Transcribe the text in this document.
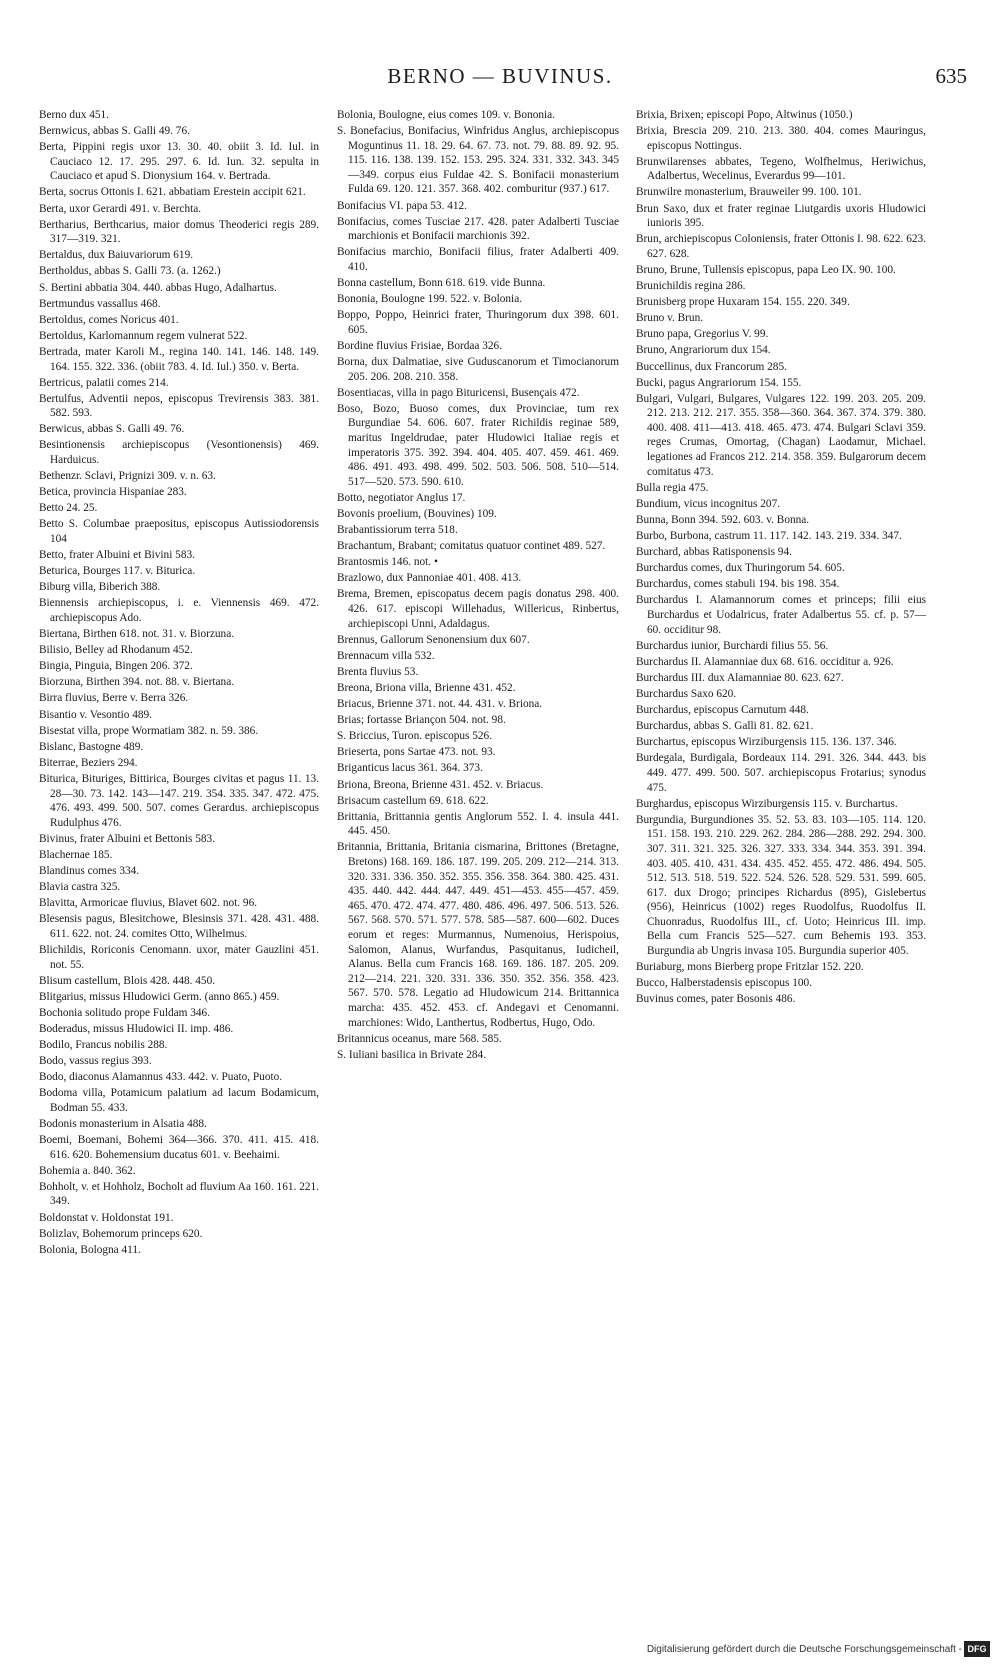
BERNO — BUVINUS.	635

Berno dux 451.

Bernwicus, abbas S. Galli 49. 76.

Berta, Pippini regis uxor 13. 30. 40. obiit 3. Id. Iul. in Cauciaco 12. 17. 295. 297. 6. Id. Iun. 32. sepulta in Cauciaco et apud S. Dionysium 164. v. Bertrada.

Berta, socrus Ottonis I. 621. abbatiam Erestein accipit 621.

Berta, uxor Gerardi 491. v. Berchta.

Bertharius, Berthcarius, maior domus Theoderici regis 289. 317—319. 321.

Bertaldus, dux Baiuvariorum 619.

Bertholdus, abbas S. Galli 73. (a. 1262.)

S. Bertini abbatia 304. 440. abbas Hugo, Adalhartus.

Bertmundus vassallus 468.

Bertoldus, comes Noricus 401.

Bertoldus, Karlomannum regem vulnerat 522.

Bertrada, mater Karoli M., regina 140. 141. 146. 148. 149. 164. 155. 322. 336. (obiit 783. 4. Id. Iul.) 350. v. Berta.

Bertricus, palatii comes 214.

Bertulfus, Adventii nepos, episcopus Trevirensis 383. 381. 582. 593.

Berwicus, abbas S. Galli 49. 76.

Besintionensis archiepiscopus (Vesontionensis) 469. Harduicus.

Bethenzr. Sclavi, Prignizi 309. v. n. 63.

Betica, provincia Hispaniae 283.

Betto 24. 25.

Betto S. Columbae praepositus, episcopus Autissiodorensis 104

Betto, frater Albuini et Bivini 583.

Beturica, Bourges 117. v. Biturica.

Biburg villa, Biberich 388.

Biennensis archiepiscopus, i. e. Viennensis 469. 472. archiepiscopus Ado.

Biertana, Birthen 618. not. 31. v. Biorzuna.

Bilisio, Belley ad Rhodanum 452.

Bingia, Pinguia, Bingen 206. 372.

Biorzuna, Birthen 394. not. 88. v. Biertana.

Birra fluvius, Berre v. Berra 326.

Bisantio v. Vesontio 489.

Bisestat villa, prope Wormatiam 382. n. 59. 386.

Bislanc, Bastogne 489.

Biterrae, Beziers 294.

Biturica, Bituriges, Bittirica, Bourges civitas et pagus 11. 13. 28—30. 73. 142. 143—147. 219. 354. 335. 347. 472. 475. 476. 493. 499. 500. 507. comes Gerardus. archiepiscopus Rudulphus 476.

Bivinus, frater Albuini et Bettonis 583.

Blachernae 185.

Blandinus comes 334.

Blavia castra 325.

Blavitta, Armoricae fluvius, Blavet 602. not. 96.

Blesensis pagus, Blesitchowe, Blesinsis 371. 428. 431. 488. 611. 622. not. 24. comites Otto, Wilhelmus.

Blichildis, Roriconis Cenomann. uxor, mater Gauzlini 451. not. 55.

Blisum castellum, Blois 428. 448. 450.

Blitgarius, missus Hludowici Germ. (anno 865.) 459.

Bochonia solitudo prope Fuldam 346.

Boderadus, missus Hludowici II. imp. 486.

Bodilo, Francus nobilis 288.

Bodo, vassus regius 393.

Bodo, diaconus Alamannus 433. 442. v. Puato, Puoto.

Bodoma villa, Potamicum palatium ad lacum Bodamicum, Bodman 55. 433.

Bodonis monasterium in Alsatia 488.

Boemi, Boemani, Bohemi 364—366. 370. 411. 415. 418. 616. 620. Bohemensium ducatus 601. v. Beehaimi.

Bohemia a. 840. 362.

Bohholt, v. et Hohholz, Bocholt ad fluvium Aa 160. 161. 221. 349.

Boldonstat v. Holdonstat 191.

Bolizlav, Bohemorum princeps 620.

Bolonia, Bologna 411.

Bolonia, Boulogne, eius comes 109. v. Bononia.

S. Bonefacius, Bonifacius, Winfridus Anglus, archiepiscopus Moguntinus 11. 18. 29. 64. 67. 73. not. 79. 88. 89. 92. 95. 115. 116. 138. 139. 152. 153. 295. 324. 331. 332. 343. 345—349. corpus eius Fuldae 42. S. Bonifacii monasterium Fulda 69. 120. 121. 357. 368. 402. comburitur (937.) 617.

Bonifacius VI. papa 53. 412.

Bonifacius, comes Tusciae 217. 428. pater Adalberti Tusciae marchionis et Bonifacii marchionis 392.

Bonifacius marchio, Bonifacii filius, frater Adalberti 409. 410.

Bonna castellum, Bonn 618. 619. vide Bunna.

Bononia, Boulogne 199. 522. v. Bolonia.

Boppo, Poppo, Heinrici frater, Thuringorum dux 398. 601. 605.

Bordine fluvius Frisiae, Bordaa 326.

Borna, dux Dalmatiae, sive Guduscanorum et Timocianorum 205. 206. 208. 210. 358.

Bosentiacas, villa in pago Bituricensi, Busençais 472.

Boso, Bozo, Buoso comes, dux Provinciae, tum rex Burgundiae 54. 606. 607. frater Richildis reginae 589, maritus Ingeldrudae, pater Hludowici Italiae regis et imperatoris 375. 392. 394. 404. 405. 407. 459. 461. 469. 486. 491. 493. 498. 499. 502. 503. 506. 508. 510—514. 517—520. 573. 590. 610.

Botto, negotiator Anglus 17.

Bovonis proelium, (Bouvines) 109.

Brabantissiorum terra 518.

Brachantum, Brabant; comitatus quatuor continet 489. 527.

Brantosmis 146. not. •

Brazlowo, dux Pannoniae 401. 408. 413.

Brema, Bremen, episcopatus decem pagis donatus 298. 400. 426. 617. episcopi Willehadus, Willericus, Rinbertus, archiepiscopi Unni, Adaldagus.

Brennus, Gallorum Senonensium dux 607.

Brennacum villa 532.

Brenta fluvius 53.

Breona, Briona villa, Brienne 431. 452.

Briacus, Brienne 371. not. 44. 431. v. Briona.

Brias; fortasse Briançon 504. not. 98.

S. Briccius, Turon. episcopus 526.

Brieserta, pons Sartae 473. not. 93.

Briganticus lacus 361. 364. 373.

Briona, Breona, Brienne 431. 452. v. Briacus.

Brisacum castellum 69. 618. 622.

Brittania, Brittannia gentis Anglorum 552. I. 4. insula 441. 445. 450.

Britannia, Brittania, Britania cismarina, Brittones (Bretagne, Bretons) 168. 169. 186. 187. 199. 205. 209. 212—214. 313. 320. 331. 336. 350. 352. 355. 356. 358. 364. 380. 425. 431. 435. 440. 442. 444. 447. 449. 451—453. 455—457. 459. 465. 470. 472. 474. 477. 480. 486. 496. 497. 506. 513. 526. 567. 568. 570. 571. 577. 578. 585—587. 600—602. Duces eorum et reges: Murmannus, Numenoius, Herispoius, Salomon, Alanus, Wurfandus, Pasquitanus, Iudicheil, Alanus. Bella cum Francis 168. 169. 186. 187. 205. 209. 212—214. 221. 320. 331. 336. 350. 352. 356. 358. 423. 567. 570. 578. Legatio ad Hludowicum 214. Brittannica marcha: 435. 452. 453. cf. Andegavi et Cenomanni. marchiones: Wido, Lanthertus, Rodbertus, Hugo, Odo.

Britannicus oceanus, mare 568. 585.

S. Iuliani basilica in Brivate 284.

Brixia, Brixen; episcopi Popo, Altwinus (1050.)

Brixia, Brescia 209. 210. 213. 380. 404. comes Mauringus, episcopus Nottingus.

Brunwilarenses abbates, Tegeno, Wolfhelmus, Heriwichus, Adalbertus, Wecelinus, Everardus 99—101.

Brunwilre monasterium, Brauweiler 99. 100. 101.

Brun Saxo, dux et frater reginae Liutgardis uxoris Hludowici iunioris 395.

Brun, archiepiscopus Coloniensis, frater Ottonis I. 98. 622. 623. 627. 628.

Bruno, Brune, Tullensis episcopus, papa Leo IX. 90. 100.

Brunichildis regina 286.

Brunisberg prope Huxaram 154. 155. 220. 349.

Bruno v. Brun.

Bruno papa, Gregorius V. 99.

Bruno, Angrariorum dux 154.

Buccellinus, dux Francorum 285.

Bucki, pagus Angrariorum 154. 155.

Bulgari, Vulgari, Bulgares, Vulgares 122. 199. 203. 205. 209. 212. 213. 212. 217. 355. 358—360. 364. 367. 374. 379. 380. 400. 408. 411—413. 418. 465. 473. 474. Bulgari Sclavi 359. reges Crumas, Omortag, (Chagan) Laodamur, Michael. legationes ad Francos 212. 214. 358. 359. Bulgarorum decem comitatus 473.

Bulla regia 475.

Bundium, vicus incognitus 207.

Bunna, Bonn 394. 592. 603. v. Bonna.

Burbo, Burbona, castrum 11. 117. 142. 143. 219. 334. 347.

Burchard, abbas Ratisponensis 94.

Burchardus comes, dux Thuringorum 54. 605.

Burchardus, comes stabuli 194. bis 198. 354.

Burchardus I. Alamannorum comes et princeps; filii eius Burchardus et Uodalricus, frater Adalbertus 55. cf. p. 57—60. occiditur 98.

Burchardus iunior, Burchardi filius 55. 56.

Burchardus II. Alamanniae dux 68. 616. occiditur a. 926.

Burchardus III. dux Alamanniae 80. 623. 627.

Burchardus Saxo 620.

Burchardus, episcopus Carnutum 448.

Burchardus, abbas S. Galli 81. 82. 621.

Burchartus, episcopus Wirziburgensis 115. 136. 137. 346.

Burdegala, Burdigala, Bordeaux 114. 291. 326. 344. 443. bis 449. 477. 499. 500. 507. archiepiscopus Frotarius; synodus 475.

Burghardus, episcopus Wirziburgensis 115. v. Burchartus.

Burgundia, Burgundiones 35. 52. 53. 83. 103—105. 114. 120. 151. 158. 193. 210. 229. 262. 284. 286—288. 292. 294. 300. 307. 311. 321. 325. 326. 327. 333. 334. 344. 353. 391. 394. 403. 405. 410. 431. 434. 435. 452. 455. 472. 486. 494. 505. 512. 513. 518. 519. 522. 524. 526. 528. 529. 531. 599. 605. 617. dux Drogo; principes Richardus (895), Gislebertus (956), Heinricus (1002) reges Ruodolfus, Ruodolfus II. Chuonradus, Ruodolfus III., cf. Uoto; Heinricus III. imp. Bella cum Francis 525—527. cum Behemis 193. 353. Burgundia ab Ungris invasa 105. Burgundia superior 405.

Buriaburg, mons Bierberg prope Fritzlar 152. 220.

Bucco, Halberstadensis episcopus 100.

Buvinus comes, pater Bosonis 486.

Digitalisierung gefördert durch die Deutsche Forschungsgemeinschaft - DFG
